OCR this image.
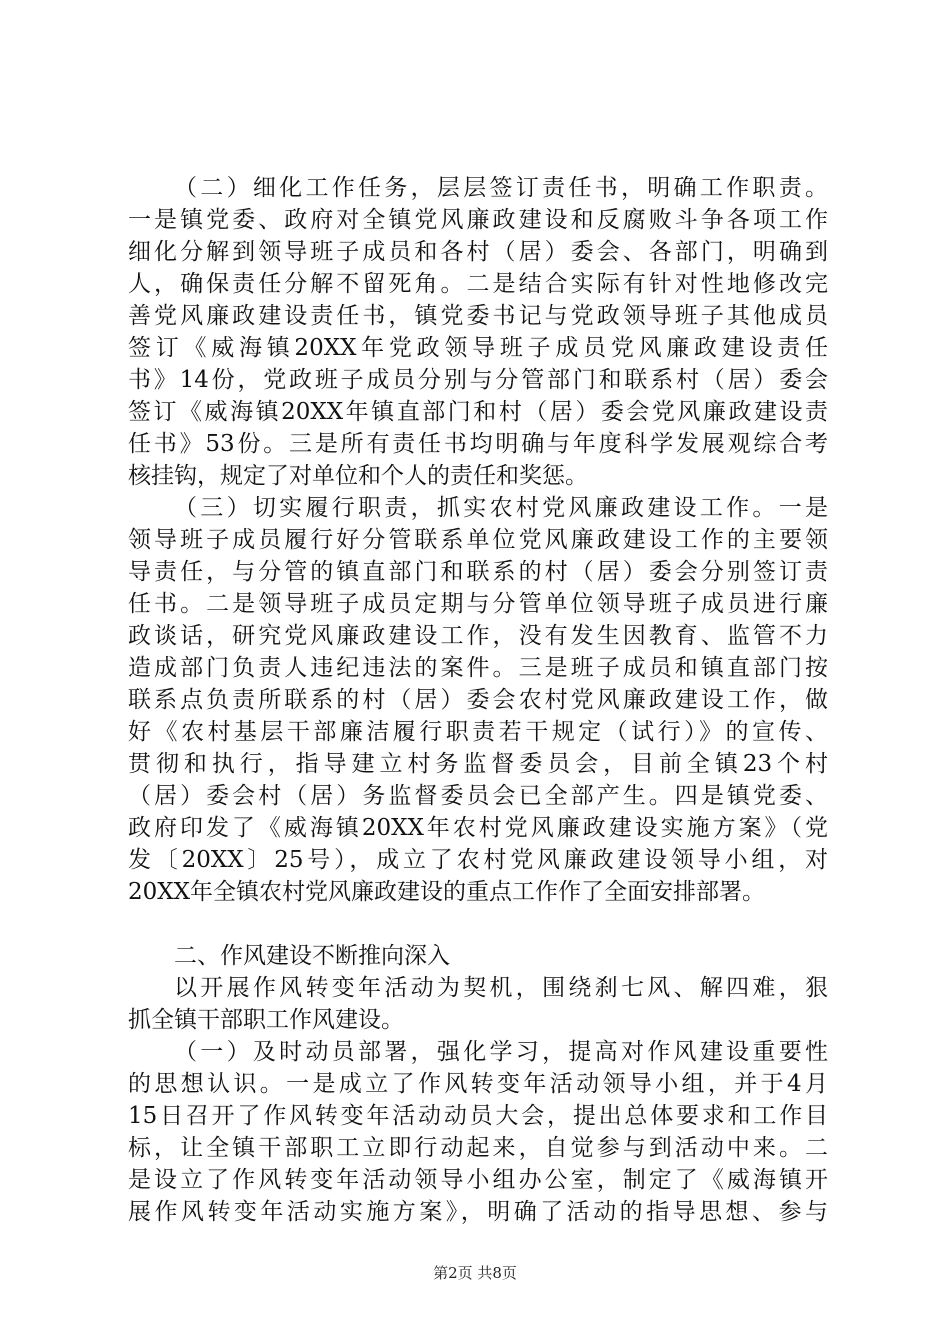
（二）细化工作任务，层层签订责任书，明确工作职责。
一是镇党委、政府对全镇党风廉政建设和反腐败斗争各项工作
细化分解到领导班子成员和各村（居）委会、各部门，明确到
人，确保责任分解不留死角。二是结合实际有针对性地修改完
善党风廉政建设责任书，镇党委书记与党政领导班子其他成员
签订《威海镇20XX年党政领导班子成员党风廉政建设责任
书》14份，党政班子成员分别与分管部门和联系村（居）委会
签订《威海镇20XX年镇直部门和村（居）委会党风廉政建设责
任书》53份。三是所有责任书均明确与年度科学发展观综合考
核挂钩，规定了对单位和个人的责任和奖惩。
（三）切实履行职责，抓实农村党风廉政建设工作。一是
领导班子成员履行好分管联系单位党风廉政建设工作的主要领
导责任，与分管的镇直部门和联系的村（居）委会分别签订责
任书。二是领导班子成员定期与分管单位领导班子成员进行廉
政谈话，研究党风廉政建设工作，没有发生因教育、监管不力
造成部门负责人违纪违法的案件。三是班子成员和镇直部门按
联系点负责所联系的村（居）委会农村党风廉政建设工作，做
好《农村基层干部廉洁履行职责若干规定（试行）》的宣传、
贯彻和执行，指导建立村务监督委员会，目前全镇23个村
（居）委会村（居）务监督委员会已全部产生。四是镇党委、
政府印发了《威海镇20XX年农村党风廉政建设实施方案》（党
发〔20XX〕25号），成立了农村党风廉政建设领导小组，对
20XX年全镇农村党风廉政建设的重点工作作了全面安排部署。
二、作风建设不断推向深入
以开展作风转变年活动为契机，围绕刹七风、解四难，狠
抓全镇干部职工作风建设。
（一）及时动员部署，强化学习，提高对作风建设重要性
的思想认识。一是成立了作风转变年活动领导小组，并于4月
15日召开了作风转变年活动动员大会，提出总体要求和工作目
标，让全镇干部职工立即行动起来，自觉参与到活动中来。二
是设立了作风转变年活动领导小组办公室，制定了《威海镇开
展作风转变年活动实施方案》，明确了活动的指导思想、参与
第2页 共8页
